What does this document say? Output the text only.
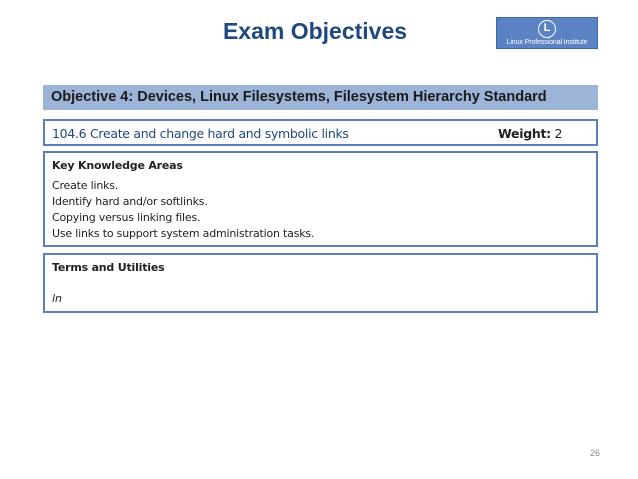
Exam Objectives	L
Linux Professional Institute
Objective 4: Devices, Linux Filesystems, Filesystem Hierarchy Standard
104.6 Create and change hard and symbolic links	Weight: 2
Key Knowledge Areas
Create links.
Identify hard and/or softlinks.
Copying versus linking files.
Use links to support system administration tasks.
Terms and Utilities
ln
26
